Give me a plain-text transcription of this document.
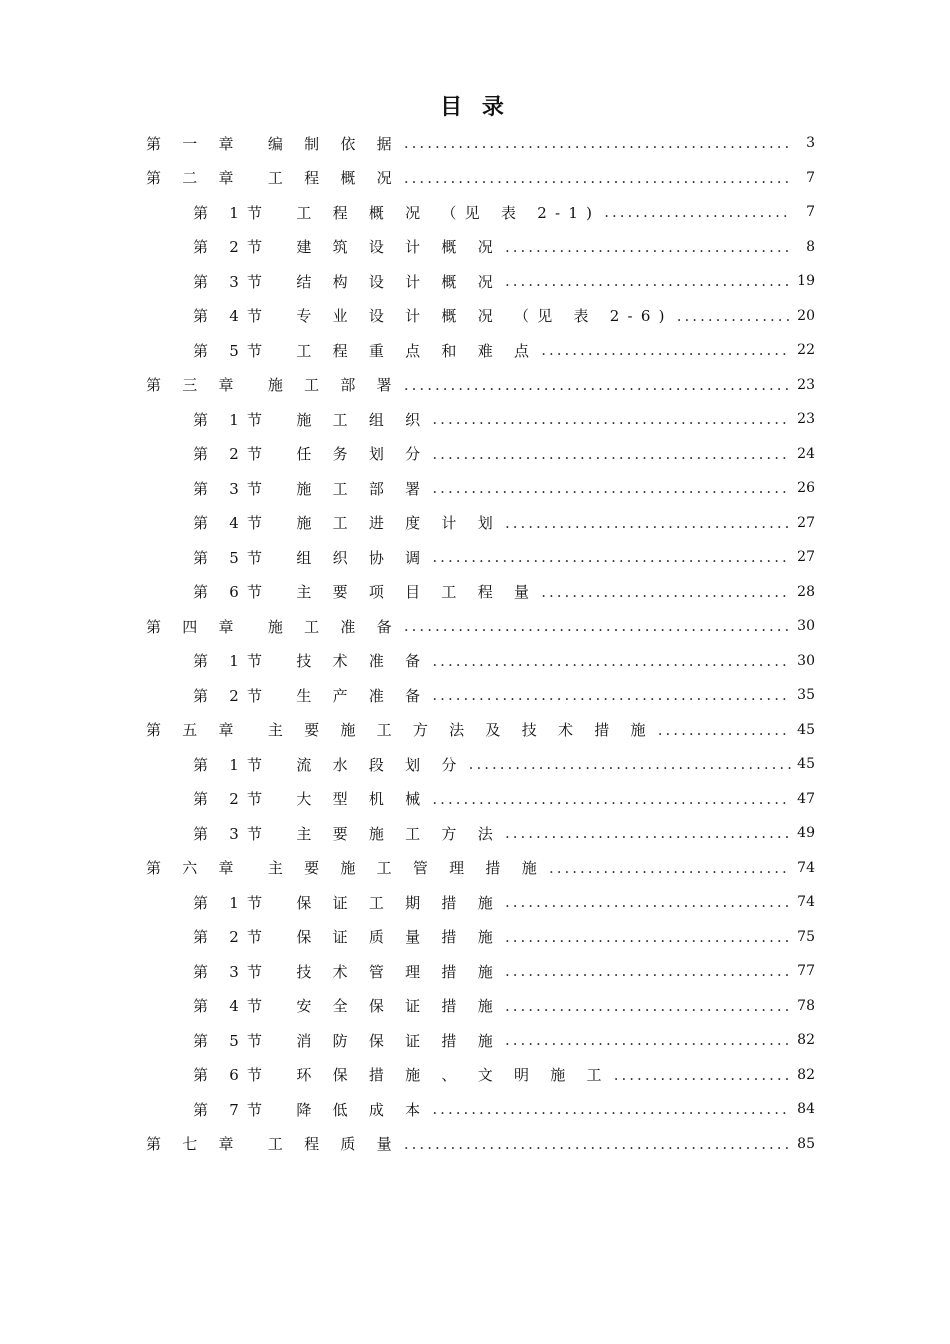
目 录
第 一 章  编 制 依 据 .....	3
第 二 章  工 程 概 况 .....	7
第 1节  工 程 概 况 （见 表 2-1) .....	7
第 2节  建 筑 设 计 概 况 .....	8
第 3节  结 构 设 计 概 况 .....	19
第 4节  专 业 设 计 概 况 （见 表 2-6) .....	20
第 5节  工 程 重 点 和 难 点 .....	22
第 三 章  施 工 部 署 .....	23
第 1节  施 工 组 织 .....	23
第 2节  任 务 划 分 .....	24
第 3节  施 工 部 署 .....	26
第 4节  施 工 进 度 计 划 .....	27
第 5节  组 织 协 调 .....	27
第 6节  主 要 项 目 工 程 量 .....	28
第 四 章  施 工 准 备 .....	30
第 1节  技 术 准 备 .....	30
第 2节  生 产 准 备 .....	35
第 五 章  主 要 施 工 方 法 及 技 术 措 施 .....	45
第 1节  流 水 段 划 分 .....	45
第 2节  大 型 机 械 .....	47
第 3节  主 要 施 工 方 法 .....	49
第 六 章  主 要 施 工 管 理 措 施 .....	74
第 1节  保 证 工 期 措 施 .....	74
第 2节  保 证 质 量 措 施 .....	75
第 3节  技 术 管 理 措 施 .....	77
第 4节  安 全 保 证 措 施 .....	78
第 5节  消 防 保 证 措 施 .....	82
第 6节  环 保 措 施 、 文 明 施 工 .....	82
第 7节  降 低 成 本 .....	84
第 七 章  工 程 质 量 .....	85
